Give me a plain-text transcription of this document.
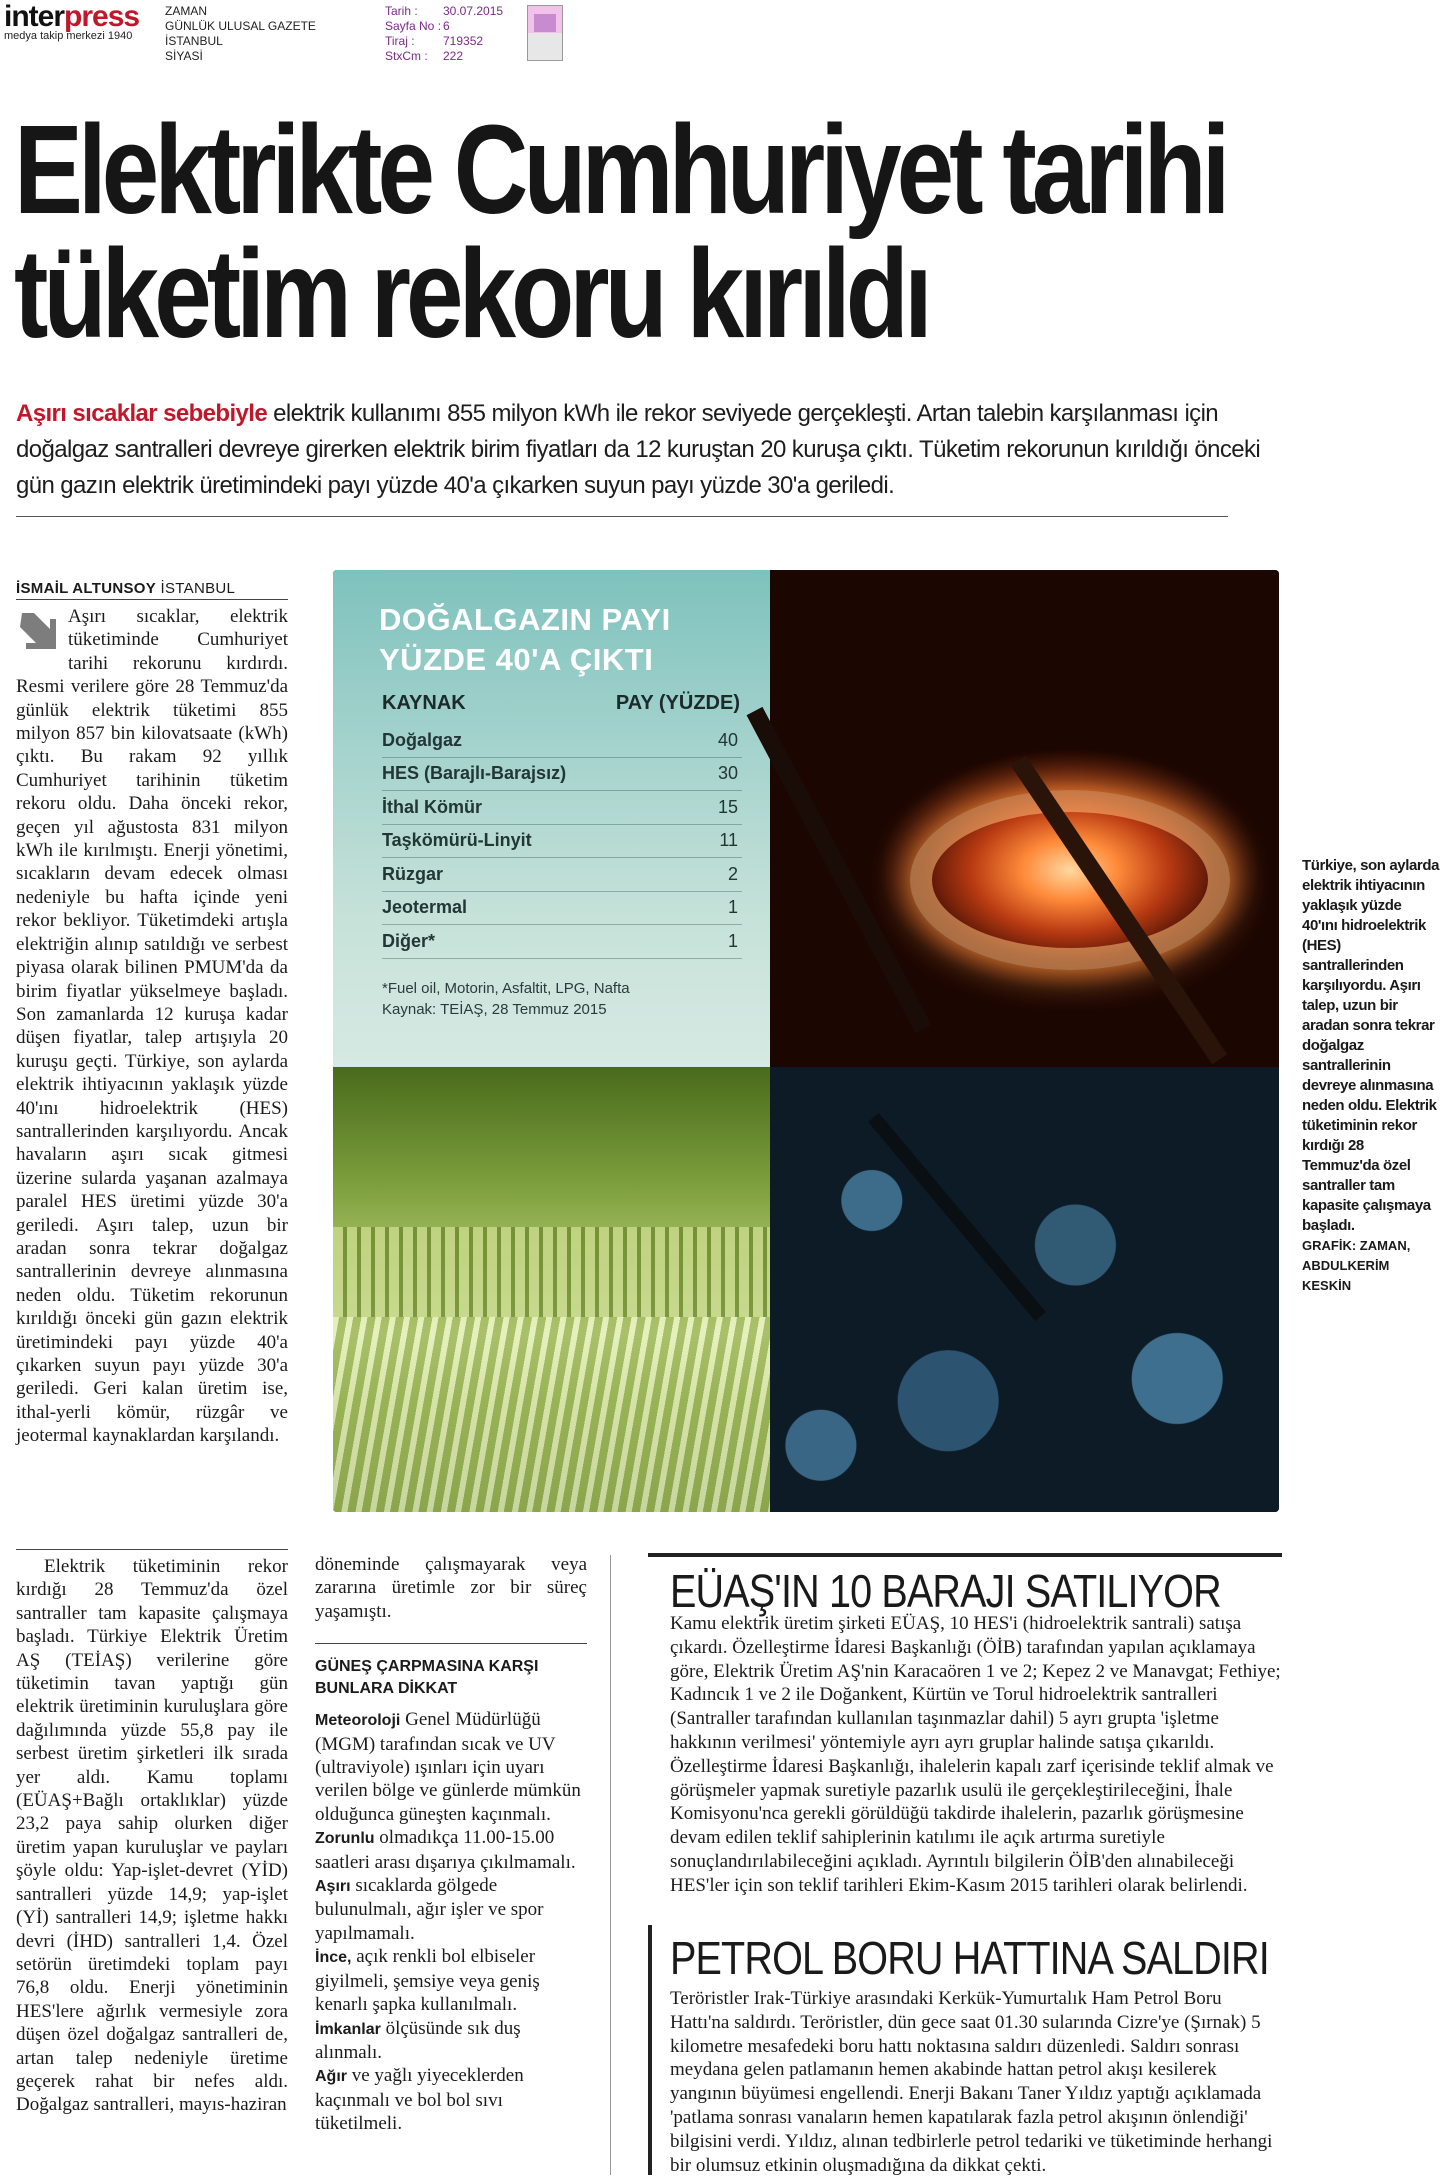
interpress
medya takip merkezi 1940
ZAMAN
GÜNLÜK ULUSAL GAZETE
İSTANBUL
SİYASİ
Tarih :	30.07.2015
Sayfa No : 6
Tiraj :	719352
StxCm :	222
Elektrikte Cumhuriyet tarihi
tüketim rekoru kırıldı
Aşırı sıcaklar sebebiyle elektrik kullanımı 855 milyon kWh ile rekor seviyede gerçekleşti. Artan talebin karşılanması için doğalgaz santralleri devreye girerken elektrik birim fiyatları da 12 kuruştan 20 kuruşa çıktı. Tüketim rekorunun kırıldığı önceki gün gazın elektrik üretimindeki payı yüzde 40'a çıkarken suyun payı yüzde 30'a geriledi.
İSMAİL ALTUNSOY İSTANBUL

Aşırı sıcaklar, elektrik tüketiminde Cumhuriyet tarihi rekorunu kırdırdı. Resmi verilere göre 28 Temmuz'da günlük elektrik tüketimi 855 milyon 857 bin kilovatsaate (kWh) çıktı. Bu rakam 92 yıllık Cumhuriyet tarihinin tüketim rekoru oldu. Daha önceki rekor, geçen yıl ağustosta 831 milyon kWh ile kırılmıştı. Enerji yönetimi, sıcakların devam edecek olması nedeniyle bu hafta içinde yeni rekor bekliyor. Tüketimdeki artışla elektriğin alınıp satıldığı ve serbest piyasa olarak bilinen PMUM'da da birim fiyatlar yükselmeye başladı. Son zamanlarda 12 kuruşa kadar düşen fiyatlar, talep artışıyla 20 kuruşu geçti. Türkiye, son aylarda elektrik ihtiyacının yaklaşık yüzde 40'ını hidroelektrik (HES) santrallerinden karşılıyordu. Ancak havaların aşırı sıcak gitmesi üzerine sularda yaşanan azalmaya paralel HES üretimi yüzde 30'a geriledi. Aşırı talep, uzun bir aradan sonra tekrar doğalgaz santrallerinin devreye alınmasına neden oldu. Tüketim rekorunun kırıldığı önceki gün gazın elektrik üretimindeki payı yüzde 40'a çıkarken suyun payı yüzde 30'a geriledi. Geri kalan üretim ise, ithal-yerli kömür, rüzgâr ve jeotermal kaynaklardan karşılandı.

Elektrik tüketiminin rekor kırdığı 28 Temmuz'da özel santraller tam kapasite çalışmaya başladı. Türkiye Elektrik Üretim AŞ (TEİAŞ) verilerine göre tüketimin tavan yaptığı gün elektrik üretiminin kuruluşlara göre dağılımında yüzde 55,8 pay ile serbest üretim şirketleri ilk sırada yer aldı. Kamu toplamı (EÜAŞ+Bağlı ortaklıklar) yüzde 23,2 paya sahip olurken diğer üretim yapan kuruluşlar ve payları şöyle oldu: Yap-işlet-devret (YİD) santralleri yüzde 14,9; yap-işlet (Yİ) santralleri 14,9; işletme hakkı devri (İHD) santralleri 1,4. Özel setörün üretimdeki toplam payı 76,8 oldu. Enerji yönetiminin HES'lere ağırlık vermesiyle zora düşen özel doğalgaz santralleri de, artan talep nedeniyle üretime geçerek rahat bir nefes aldı. Doğalgaz santralleri, mayıs-haziran

DOĞALGAZIN PAYI
YÜZDE 40'A ÇIKTI
KAYNAK	PAY (YÜZDE)
Doğalgaz	40
HES (Barajlı-Barajsız)	30
İthal Kömür	15
Taşkömürü-Linyit	11
Rüzgar	2
Jeotermal	1
Diğer*	1
*Fuel oil, Motorin, Asfaltit, LPG, Nafta
Kaynak: TEİAŞ, 28 Temmuz 2015
Türkiye, son aylarda elektrik ihtiyacının yaklaşık yüzde 40'ını hidroelektrik (HES) santrallerinden karşılıyordu. Aşırı talep, uzun bir aradan sonra tekrar doğalgaz santrallerinin devreye alınmasına neden oldu. Elektrik tüketiminin rekor kırdığı 28 Temmuz'da özel santraller tam kapasite çalışmaya başladı.
GRAFİK: ZAMAN, ABDULKERİM KESKİN

döneminde çalışmayarak veya zararına üretimle zor bir süreç yaşamıştı.

GÜNEŞ ÇARPMASINA KARŞI BUNLARA DİKKAT
Meteoroloji Genel Müdürlüğü (MGM) tarafından sıcak ve UV (ultraviyole) ışınları için uyarı verilen bölge ve günlerde mümkün olduğunca güneşten kaçınmalı.
Zorunlu olmadıkça 11.00-15.00 saatleri arası dışarıya çıkılmamalı.
Aşırı sıcaklarda gölgede bulunulmalı, ağır işler ve spor yapılmamalı.
İnce, açık renkli bol elbiseler giyilmeli, şemsiye veya geniş kenarlı şapka kullanılmalı.
İmkanlar ölçüsünde sık duş alınmalı.
Ağır ve yağlı yiyeceklerden kaçınmalı ve bol bol sıvı tüketilmeli.
EÜAŞ'IN 10 BARAJI SATILIYOR
Kamu elektrik üretim şirketi EÜAŞ, 10 HES'i (hidroelektrik santrali) satışa çıkardı. Özelleştirme İdaresi Başkanlığı (ÖİB) tarafından yapılan açıklamaya göre, Elektrik Üretim AŞ'nin Karacaören 1 ve 2; Kepez 2 ve Manavgat; Fethiye; Kadıncık 1 ve 2 ile Doğankent, Kürtün ve Torul hidroelektrik santralleri (Santraller tarafından kullanılan taşınmazlar dahil) 5 ayrı grupta 'işletme hakkının verilmesi' yöntemiyle ayrı ayrı gruplar halinde satışa çıkarıldı. Özelleştirme İdaresi Başkanlığı, ihalelerin kapalı zarf içerisinde teklif almak ve görüşmeler yapmak suretiyle pazarlık usulü ile gerçekleştirileceğini, İhale Komisyonu'nca gerekli görüldüğü takdirde ihalelerin, pazarlık görüşmesine devam edilen teklif sahiplerinin katılımı ile açık artırma suretiyle sonuçlandırılabileceğini açıkladı. Ayrıntılı bilgilerin ÖİB'den alınabileceği HES'ler için son teklif tarihleri Ekim-Kasım 2015 tarihleri olarak belirlendi.
PETROL BORU HATTINA SALDIRI
Teröristler Irak-Türkiye arasındaki Kerkük-Yumurtalık Ham Petrol Boru Hattı'na saldırdı. Teröristler, dün gece saat 01.30 sularında Cizre'ye (Şırnak) 5 kilometre mesafedeki boru hattı noktasına saldırı düzenledi. Saldırı sonrası meydana gelen patlamanın hemen akabinde hattan petrol akışı kesilerek yangının büyümesi engellendi. Enerji Bakanı Taner Yıldız yaptığı açıklamada 'patlama sonrası vanaların hemen kapatılarak fazla petrol akışının önlendiği' bilgisini verdi. Yıldız, alınan tedbirlerle petrol tedariki ve tüketiminde herhangi bir olumsuz etkinin oluşmadığına da dikkat çekti.
